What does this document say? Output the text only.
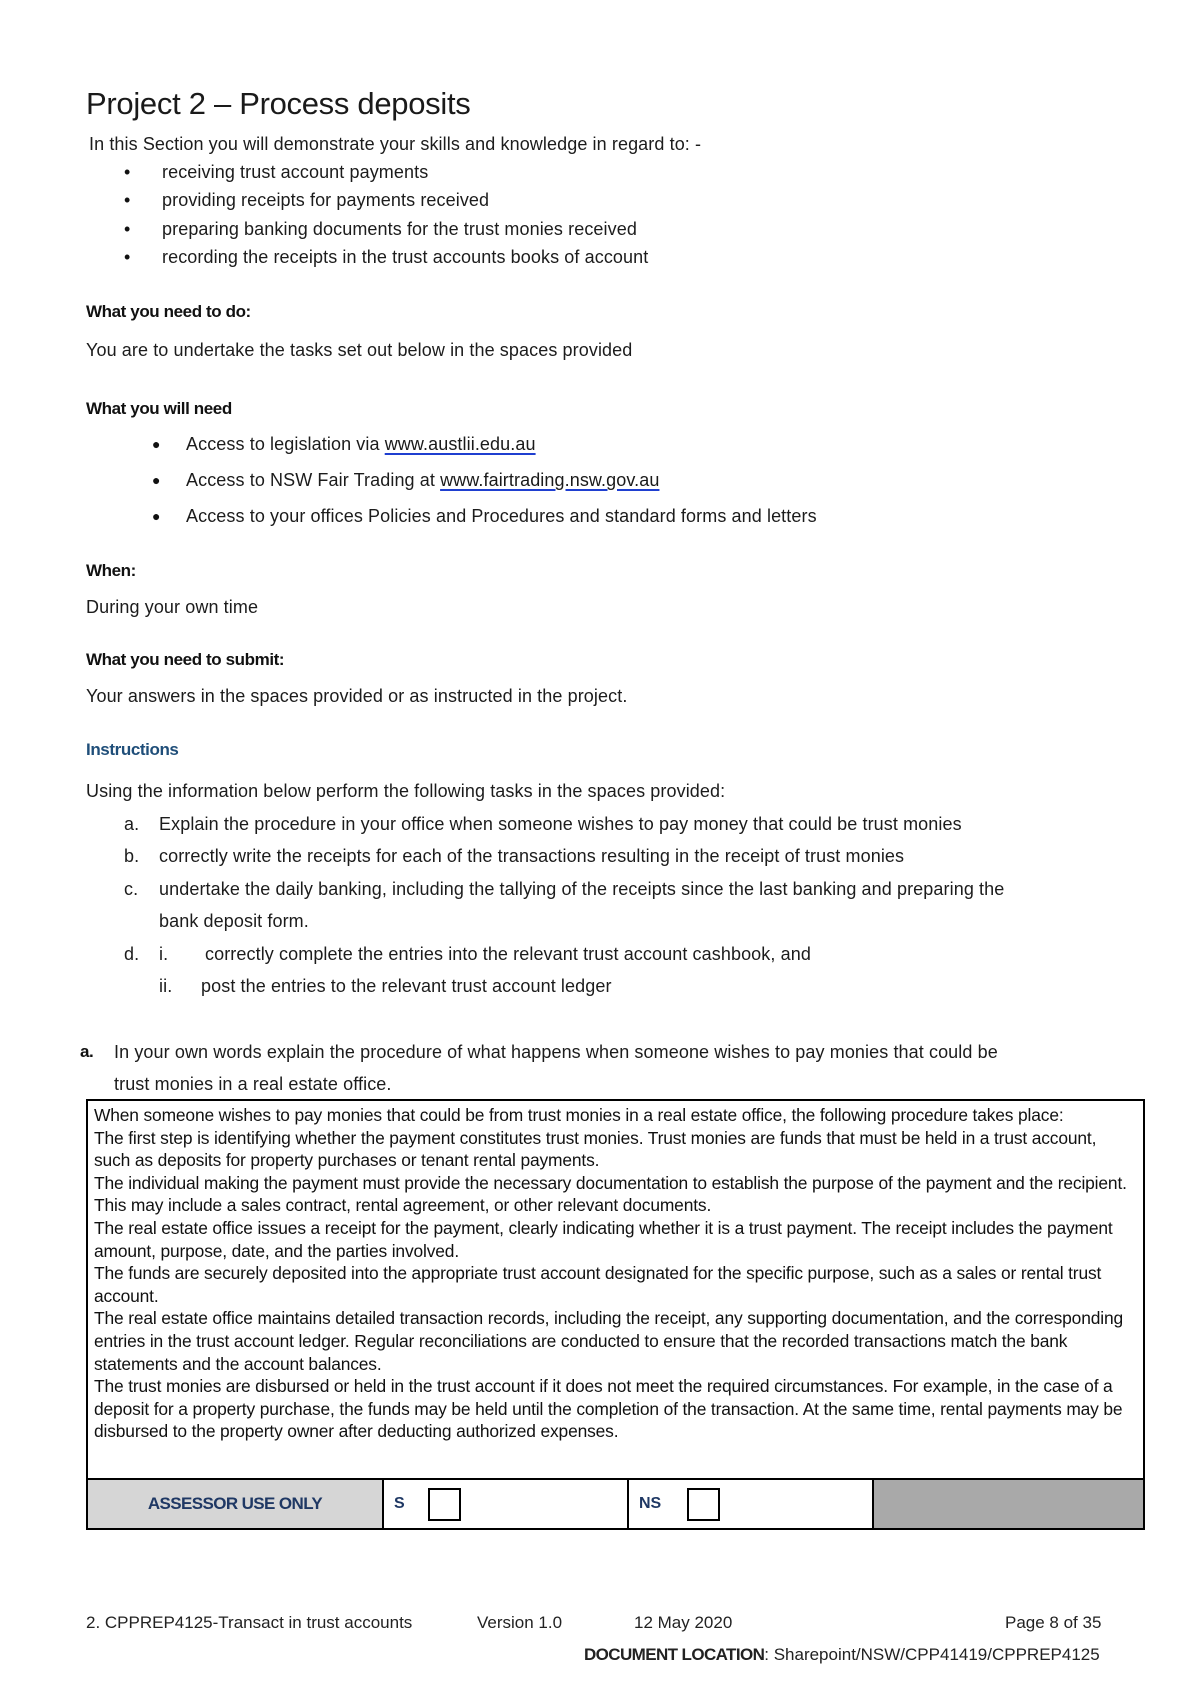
Project 2 – Process deposits
In this Section you will demonstrate your skills and knowledge in regard to: -
• receiving trust account payments
• providing receipts for payments received
• preparing banking documents for the trust monies received
• recording the receipts in the trust accounts books of account
What you need to do:
You are to undertake the tasks set out below in the spaces provided
What you will need
● Access to legislation via www.austlii.edu.au
● Access to NSW Fair Trading at www.fairtrading.nsw.gov.au
● Access to your offices Policies and Procedures and standard forms and letters
When:
During your own time
What you need to submit:
Your answers in the spaces provided or as instructed in the project.
Instructions
Using the information below perform the following tasks in the spaces provided:
a. Explain the procedure in your office when someone wishes to pay money that could be trust monies
b. correctly write the receipts for each of the transactions resulting in the receipt of trust monies
c. undertake the daily banking, including the tallying of the receipts since the last banking and preparing the
bank deposit form.
d. i. correctly complete the entries into the relevant trust account cashbook, and
ii. post the entries to the relevant trust account ledger
a. In your own words explain the procedure of what happens when someone wishes to pay monies that could be
trust monies in a real estate office.

When someone wishes to pay monies that could be from trust monies in a real estate office, the following procedure takes place:

The first step is identifying whether the payment constitutes trust monies. Trust monies are funds that must be held in a trust account, such as deposits for property purchases or tenant rental payments.

The individual making the payment must provide the necessary documentation to establish the purpose of the payment and the recipient. This may include a sales contract, rental agreement, or other relevant documents.

The real estate office issues a receipt for the payment, clearly indicating whether it is a trust payment. The receipt includes the payment amount, purpose, date, and the parties involved.

The funds are securely deposited into the appropriate trust account designated for the specific purpose, such as a sales or rental trust account.

The real estate office maintains detailed transaction records, including the receipt, any supporting documentation, and the corresponding entries in the trust account ledger. Regular reconciliations are conducted to ensure that the recorded transactions match the bank statements and the account balances.

The trust monies are disbursed or held in the trust account if it does not meet the required circumstances. For example, in the case of a deposit for a property purchase, the funds may be held until the completion of the transaction. At the same time, rental payments may be disbursed to the property owner after deducting authorized expenses.

ASSESSOR USE ONLY	S	NS
2. CPPREP4125-Transact in trust accounts	Version 1.0	12 May 2020	Page 8 of 35
DOCUMENT LOCATION: Sharepoint/NSW/CPP41419/CPPREP4125
